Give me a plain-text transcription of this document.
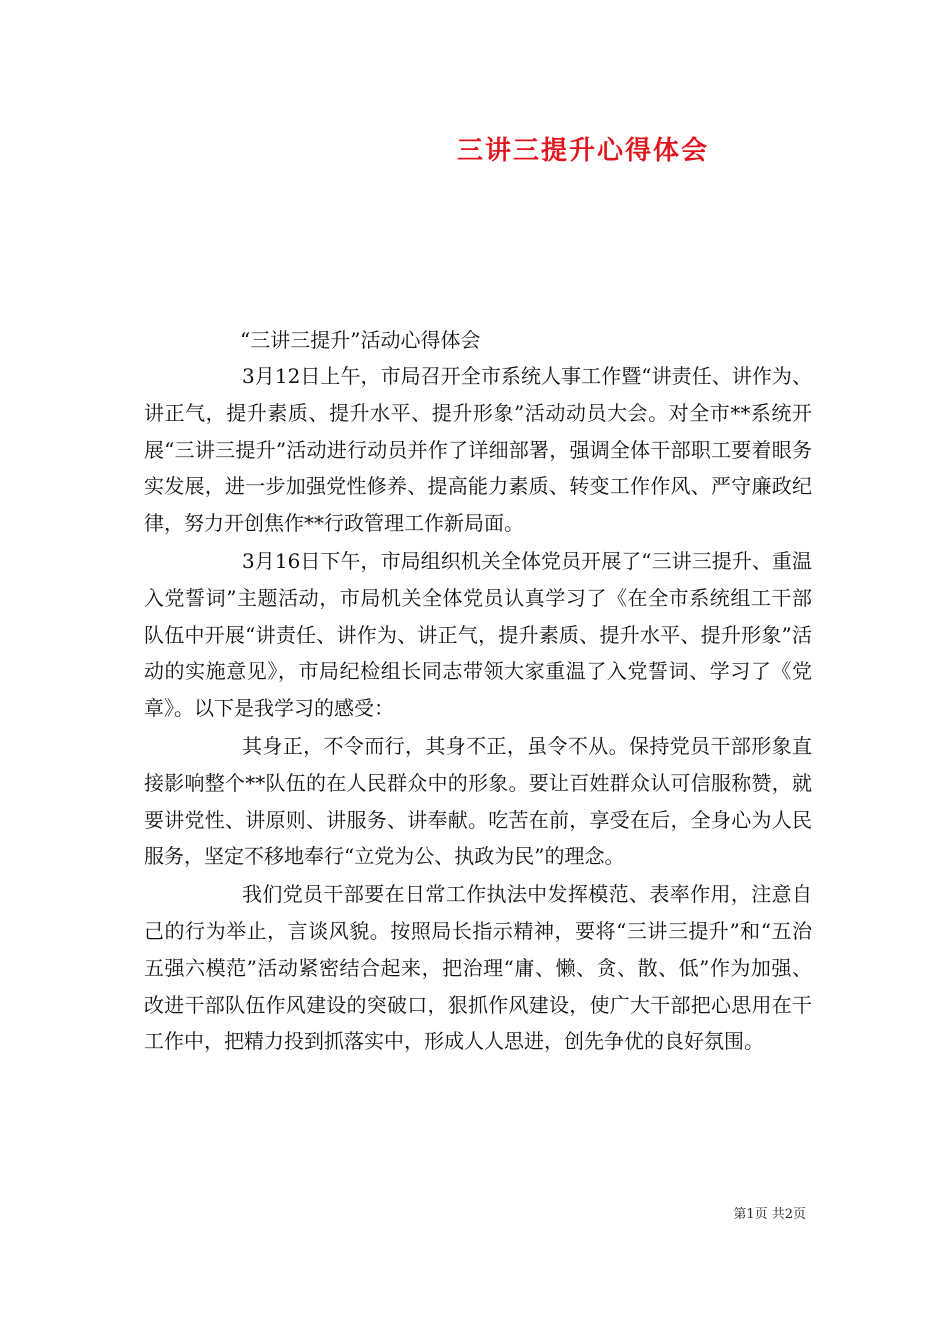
三讲三提升心得体会

“三讲三提升”活动心得体会

3月12日上午，市局召开全市系统人事工作暨“讲责任、讲作为、讲正气，提升素质、提升水平、提升形象”活动动员大会。对全市**系统开展“三讲三提升”活动进行动员并作了详细部署，强调全体干部职工要着眼务实发展，进一步加强党性修养、提高能力素质、转变工作作风、严守廉政纪律，努力开创焦作**行政管理工作新局面。

3月16日下午，市局组织机关全体党员开展了“三讲三提升、重温入党誓词”主题活动，市局机关全体党员认真学习了《在全市系统组工干部队伍中开展“讲责任、讲作为、讲正气，提升素质、提升水平、提升形象”活动的实施意见》，市局纪检组长同志带领大家重温了入党誓词、学习了《党章》。以下是我学习的感受：

其身正，不令而行，其身不正，虽令不从。保持党员干部形象直接影响整个**队伍的在人民群众中的形象。要让百姓群众认可信服称赞，就要讲党性、讲原则、讲服务、讲奉献。吃苦在前，享受在后，全身心为人民服务，坚定不移地奉行“立党为公、执政为民”的理念。

我们党员干部要在日常工作执法中发挥模范、表率作用，注意自己的行为举止，言谈风貌。按照局长指示精神，要将“三讲三提升”和“五治五强六模范”活动紧密结合起来，把治理“庸、懒、贪、散、低”作为加强、改进干部队伍作风建设的突破口，狠抓作风建设，使广大干部把心思用在干工作中，把精力投到抓落实中，形成人人思进，创先争优的良好氛围。

第1页 共2页
